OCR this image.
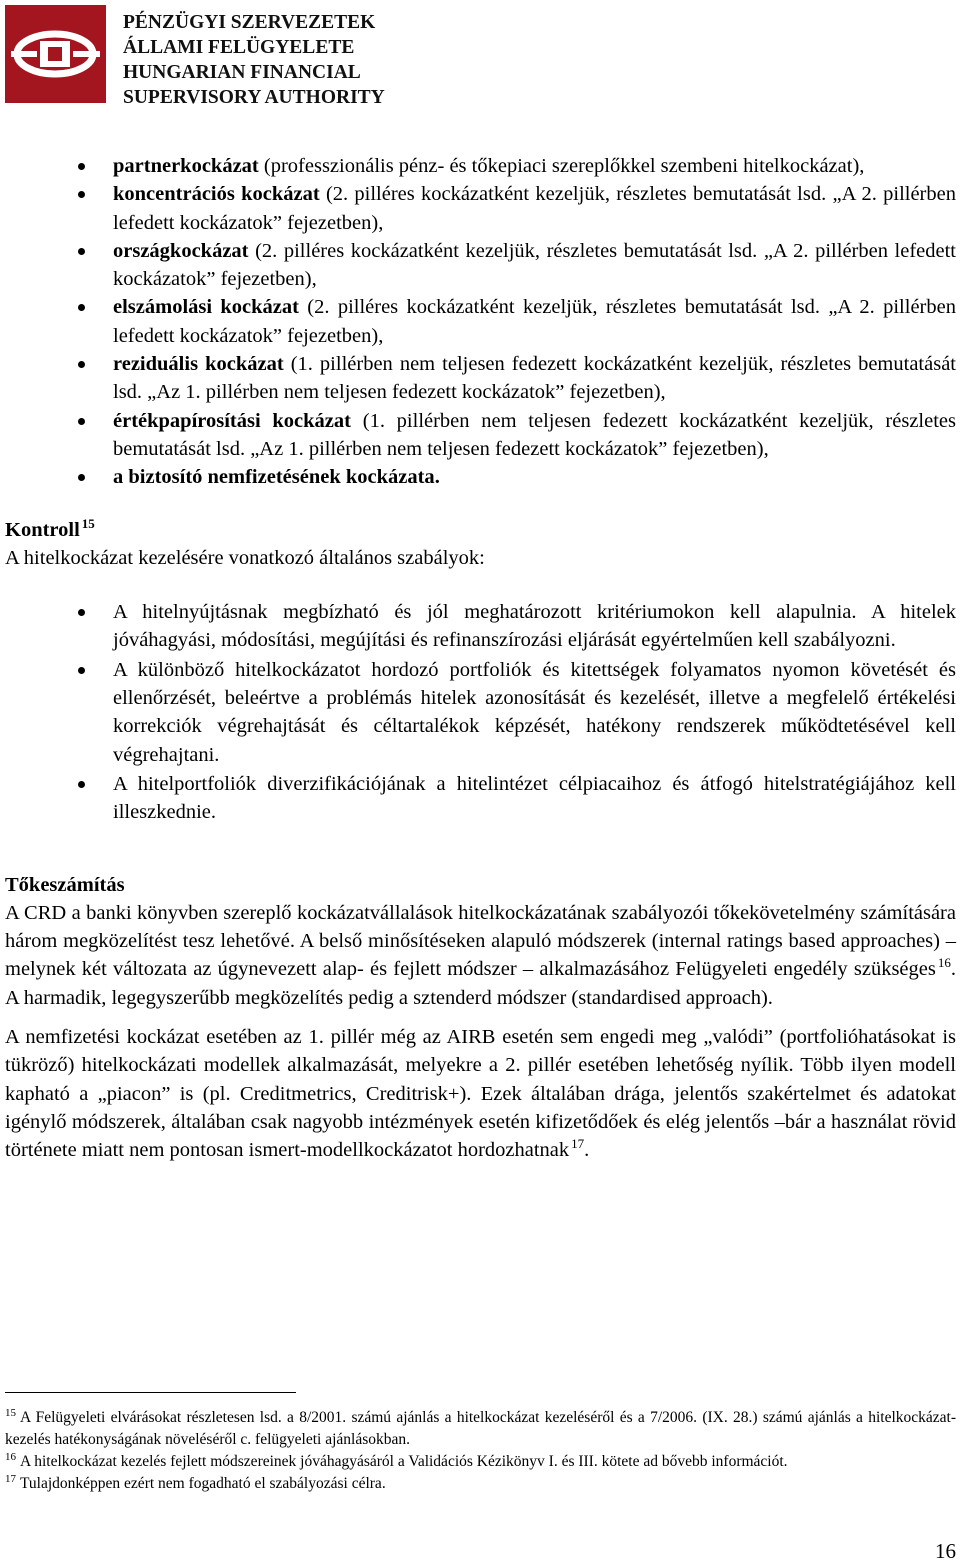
PÉNZÜGYI SZERVEZETEK
ÁLLAMI FELÜGYELETE
HUNGARIAN FINANCIAL
SUPERVISORY AUTHORITY
partnerkockázat (professzionális pénz- és tőkepiaci szereplőkkel szembeni hitelkockázat),
koncentrációs kockázat (2. pilléres kockázatként kezeljük, részletes bemutatását lsd. „A 2. pillérben lefedett kockázatok” fejezetben),
országkockázat (2. pilléres kockázatként kezeljük, részletes bemutatását lsd. „A 2. pillérben lefedett kockázatok” fejezetben),
elszámolási kockázat (2. pilléres kockázatként kezeljük, részletes bemutatását lsd. „A 2. pillérben lefedett kockázatok” fejezetben),
reziduális kockázat (1. pillérben nem teljesen fedezett kockázatként kezeljük, részletes bemutatását lsd. „Az 1. pillérben nem teljesen fedezett kockázatok” fejezetben),
értékpapírosítási kockázat (1. pillérben nem teljesen fedezett kockázatként kezeljük, részletes bemutatását lsd. „Az 1. pillérben nem teljesen fedezett kockázatok” fejezetben),
a biztosító nemfizetésének kockázata.
Kontroll $^{15}$

A hitelkockázat kezelésére vonatkozó általános szabályok:

A hitelnyújtásnak megbízható és jól meghatározott kritériumokon kell alapulnia. A hitelek jóváhagyási, módosítási, megújítási és refinanszírozási eljárását egyértelműen kell szabályozni.
A különböző hitelkockázatot hordozó portfoliók és kitettségek folyamatos nyomon követését és ellenőrzését, beleértve a problémás hitelek azonosítását és kezelését, illetve a megfelelő értékelési korrekciók végrehajtását és céltartalékok képzését, hatékony rendszerek működtetésével kell végrehajtani.
A hitelportfoliók diverzifikációjának a hitelintézet célpiacaihoz és átfogó hitelstratégiájához kell illeszkednie.
Tőkeszámítás

A CRD a banki könyvben szereplő kockázatvállalások hitelkockázatának szabályozói tőkekövetelmény számítására három megközelítést tesz lehetővé. A belső minősítéseken alapuló módszerek (internal ratings based approaches) – melynek két változata az úgynevezett alap- és fejlett módszer – alkalmazásához Felügyeleti engedély szükséges $^{16}$. A harmadik, legegyszerűbb megközelítés pedig a sztenderd módszer (standardised approach).

A nemfizetési kockázat esetében az 1. pillér még az AIRB esetén sem engedi meg „valódi” (portfolióhatásokat is tükröző) hitelkockázati modellek alkalmazását, melyekre a 2. pillér esetében lehetőség nyílik. Több ilyen modell kapható a „piacon” is (pl. Creditmetrics, Creditrisk+). Ezek általában drága, jelentős szakértelmet és adatokat igénylő módszerek, általában csak nagyobb intézmények esetén kifizetődőek és elég jelentős –bár a használat rövid története miatt nem pontosan ismert-modellkockázatot hordozhatnak $^{17}$.

$^{15}$ A Felügyeleti elvárásokat részletesen lsd. a 8/2001. számú ajánlás a hitelkockázat kezeléséről és a 7/2006. (IX. 28.) számú ajánlás a hitelkockázat-kezelés hatékonyságának növeléséről c. felügyeleti ajánlásokban.
$^{16}$ A hitelkockázat kezelés fejlett módszereinek jóváhagyásáról a Validációs Kézikönyv I. és III. kötete ad bővebb információt.
$^{17}$ Tulajdonképpen ezért nem fogadható el szabályozási célra.
16
